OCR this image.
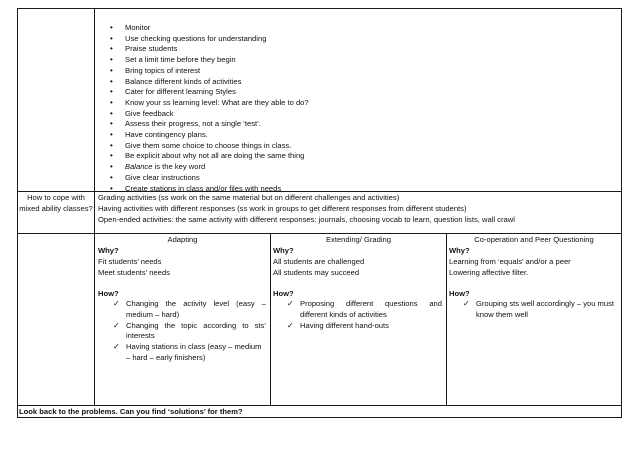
• Monitor
• Use checking questions for understanding
• Praise students
• Set a limit time before they begin
• Bring topics of interest
• Balance different kinds of activities
• Cater for different learning Styles
• Know your ss learning level: What are they able to do?
• Give feedback
• Assess their progress, not a single ‘test’.
• Have contingency plans.
• Give them some choice to choose things in class.
• Be explicit about why not all are doing the same thing
• Balance is the key word
• Give clear instructions
• Create stations in class and/or files with needs
How to cope with mixed ability classes?
Grading activities (ss work on the same material but on different challenges and activities)
Having activities with different responses (ss work in groups to get different responses from different students)
Open-ended activities: the same activity with different responses: journals, choosing vocab to learn, question lists, wall crawl
Adapting
Why?
Fit students’ needs
Meet students’ needs
How?
✓ Changing the activity level (easy – medium – hard)
✓ Changing the topic according to sts’ interests
✓ Having stations in class (easy – medium – hard – early finishers)
Extending/ Grading
Why?
All students are challenged
All students may succeed
How?
✓ Proposing different questions and different kinds of activities
✓ Having different hand-outs
Co-operation and Peer Questioning
Why?
Learning from ‘equals’ and/or a peer
Lowering affective filter.
How?
✓ Grouping sts well accordingly – you must know them well
Look back to the problems. Can you find ‘solutions’ for them?
